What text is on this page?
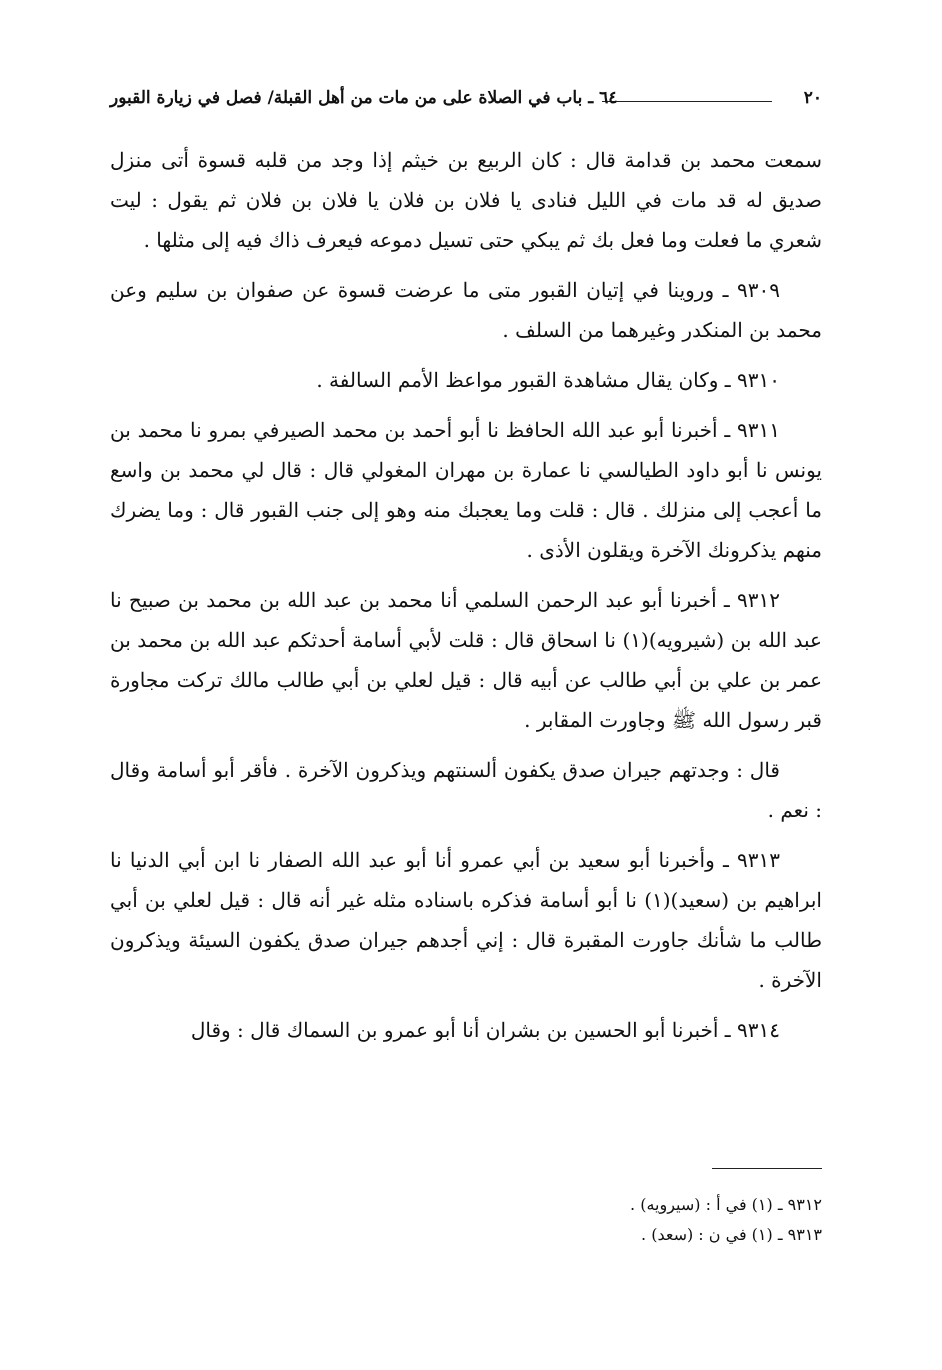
٢٠
٦٤ ـ باب في الصلاة على من مات من أهل القبلة/ فصل في زيارة القبور

سمعت محمد بن قدامة قال : كان الربيع بن خيثم إذا وجد من قلبه قسوة أتى منزل صديق له قد مات في الليل فنادى يا فلان بن فلان يا فلان بن فلان ثم يقول : ليت شعري ما فعلت وما فعل بك ثم يبكي حتى تسيل دموعه فيعرف ذاك فيه إلى مثلها .

٩٣٠٩ ـ وروينا في إتيان القبور متى ما عرضت قسوة عن صفوان بن سليم وعن محمد بن المنكدر وغيرهما من السلف .

٩٣١٠ ـ وكان يقال مشاهدة القبور مواعظ الأمم السالفة .

٩٣١١ ـ أخبرنا أبو عبد الله الحافظ نا أبو أحمد بن محمد الصيرفي بمرو نا محمد بن يونس نا أبو داود الطيالسي نا عمارة بن مهران المغولي قال : قال لي محمد بن واسع ما أعجب إلى منزلك . قال : قلت وما يعجبك منه وهو إلى جنب القبور قال : وما يضرك منهم يذكرونك الآخرة ويقلون الأذى .

٩٣١٢ ـ أخبرنا أبو عبد الرحمن السلمي أنا محمد بن عبد الله بن محمد بن صبيح نا عبد الله بن (شيرويه)(١) نا اسحاق قال : قلت لأبي أسامة أحدثكم عبد الله بن محمد بن عمر بن علي بن أبي طالب عن أبيه قال : قيل لعلي بن أبي طالب مالك تركت مجاورة قبر رسول الله ﷺ وجاورت المقابر .

قال : وجدتهم جيران صدق يكفون ألسنتهم ويذكرون الآخرة . فأقر أبو أسامة وقال : نعم .

٩٣١٣ ـ وأخبرنا أبو سعيد بن أبي عمرو أنا أبو عبد الله الصفار نا ابن أبي الدنيا نا ابراهيم بن (سعيد)(١) نا أبو أسامة فذكره باسناده مثله غير أنه قال : قيل لعلي بن أبي طالب ما شأنك جاورت المقبرة قال : إني أجدهم جيران صدق يكفون السيئة ويذكرون الآخرة .

٩٣١٤ ـ أخبرنا أبو الحسين بن بشران أنا أبو عمرو بن السماك قال : وقال

٩٣١٢ ـ (١) في أ : (سيرويه) .

٩٣١٣ ـ (١) في ن : (سعد) .
